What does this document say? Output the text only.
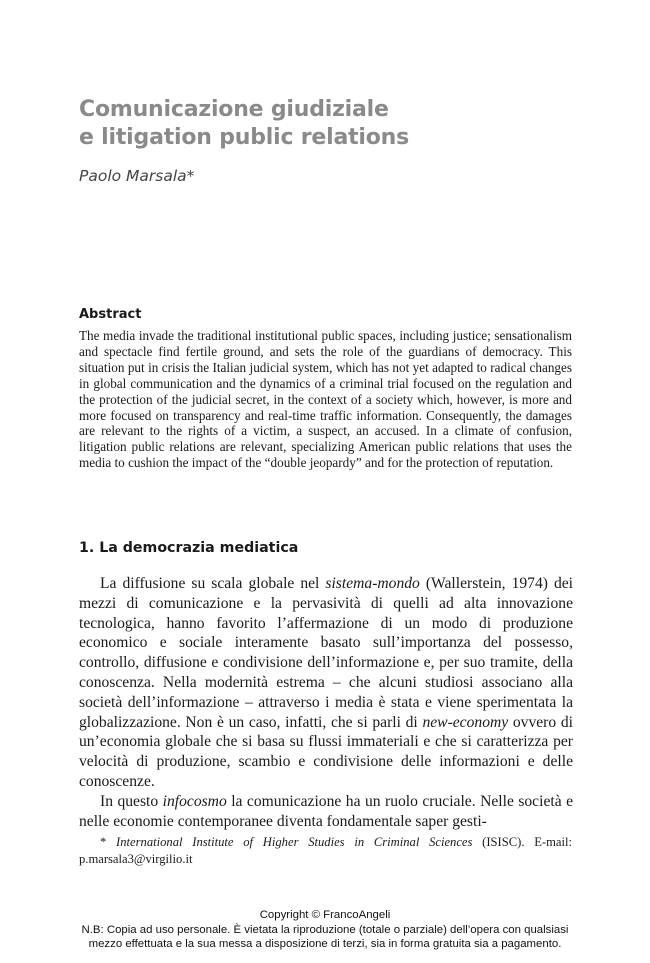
Comunicazione giudiziale
e litigation public relations

Paolo Marsala*

Abstract

The media invade the traditional institutional public spaces, including justice; sensationalism and spectacle find fertile ground, and sets the role of the guardians of democracy. This situation put in crisis the Italian judicial system, which has not yet adapted to radical changes in global communication and the dynamics of a criminal trial focused on the regulation and the protection of the judicial secret, in the context of a society which, however, is more and more focused on transparency and real-time traffic information. Consequently, the damages are relevant to the rights of a victim, a suspect, an accused. In a climate of confusion, litigation public relations are relevant, specializing American public relations that uses the media to cushion the impact of the “double jeopardy” and for the protection of reputation.

1. La democrazia mediatica

La diffusione su scala globale nel sistema-mondo (Wallerstein, 1974) dei mezzi di comunicazione e la pervasività di quelli ad alta innovazione tecnologica, hanno favorito l’affermazione di un modo di produzione economico e sociale interamente basato sull’importanza del possesso, controllo, diffusione e condivisione dell’informazione e, per suo tramite, della conoscenza. Nella modernità estrema – che alcuni studiosi associano alla società dell’informazione – attraverso i media è stata e viene sperimentata la globalizzazione. Non è un caso, infatti, che si parli di new-economy ovvero di un’economia globale che si basa su flussi immateriali e che si caratterizza per velocità di produzione, scambio e condivisione delle informazioni e delle conoscenze.

In questo infocosmo la comunicazione ha un ruolo cruciale. Nelle società e nelle economie contemporanee diventa fondamentale saper gesti-

* International Institute of Higher Studies in Criminal Sciences (ISISC). E-mail: p.marsala3@virgilio.it

Copyright © FrancoAngeli
N.B: Copia ad uso personale. È vietata la riproduzione (totale o parziale) dell’opera con qualsiasi
mezzo effettuata e la sua messa a disposizione di terzi, sia in forma gratuita sia a pagamento.
